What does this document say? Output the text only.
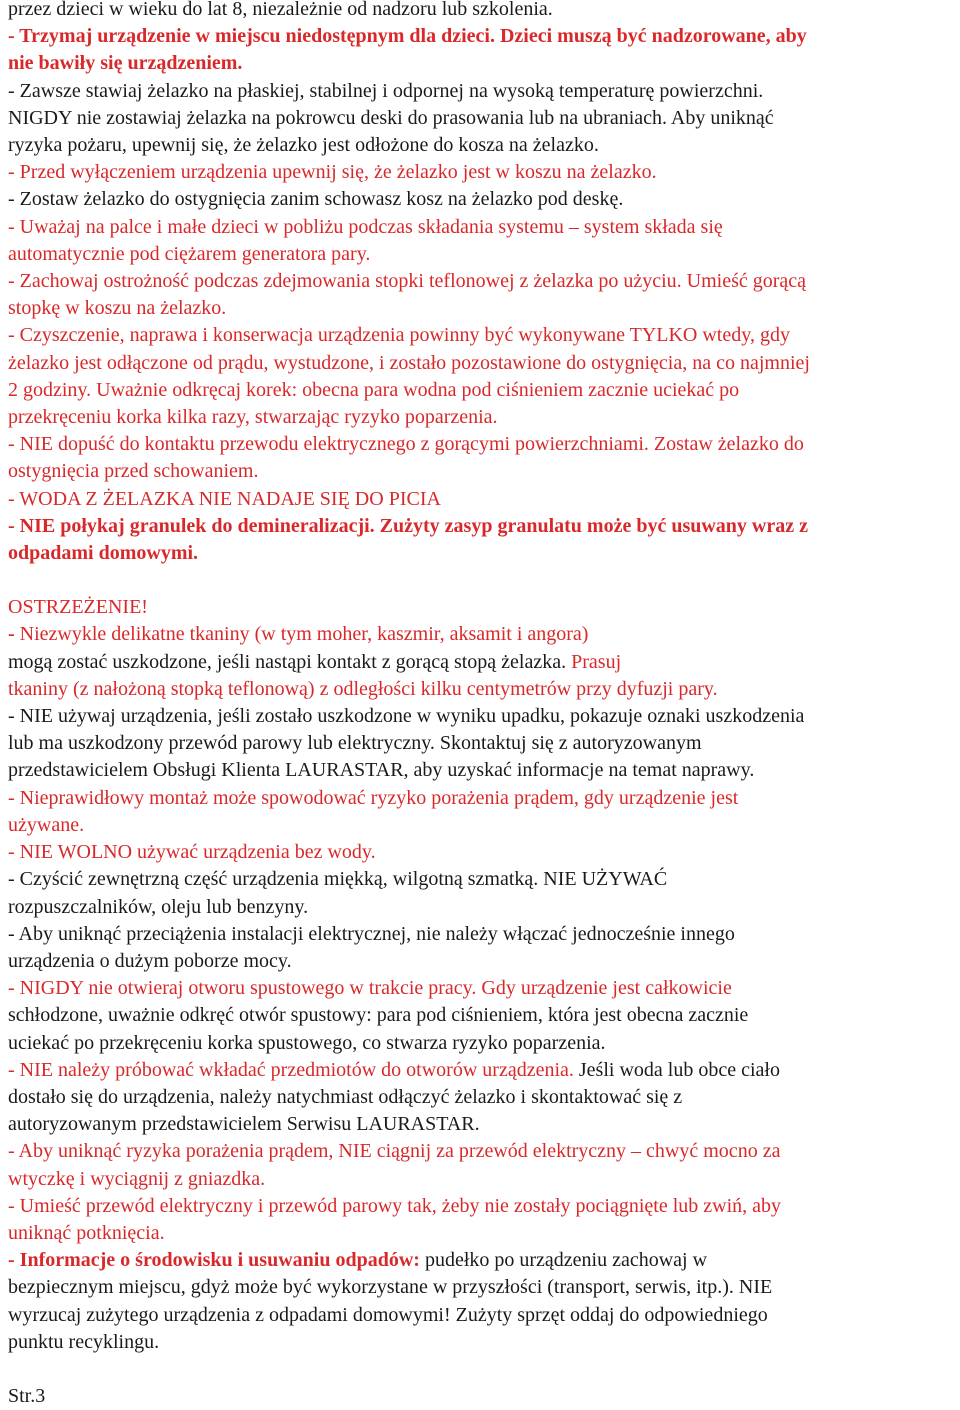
przez dzieci w wieku do lat 8, niezależnie od nadzoru lub szkolenia.

- Trzymaj urządzenie w miejscu niedostępnym dla dzieci. Dzieci muszą być nadzorowane, aby

nie bawiły się urządzeniem.

- Zawsze stawiaj żelazko na płaskiej, stabilnej i odpornej na wysoką temperaturę powierzchni.

NIGDY nie zostawiaj żelazka na pokrowcu deski do prasowania lub na ubraniach. Aby uniknąć

ryzyka pożaru, upewnij się, że żelazko jest odłożone do kosza na żelazko.

- Przed wyłączeniem urządzenia upewnij się, że żelazko jest w koszu na żelazko.

- Zostaw żelazko do ostygnięcia zanim schowasz kosz na żelazko pod deskę.

- Uważaj na palce i małe dzieci w pobliżu podczas składania systemu – system składa się

automatycznie pod ciężarem generatora pary.

- Zachowaj ostrożność podczas zdejmowania stopki teflonowej z żelazka po użyciu. Umieść gorącą

stopkę w koszu na żelazko.

- Czyszczenie, naprawa i konserwacja urządzenia powinny być wykonywane TYLKO wtedy, gdy

żelazko jest odłączone od prądu, wystudzone, i zostało pozostawione do ostygnięcia, na co najmniej

2 godziny. Uważnie odkręcaj korek: obecna para wodna pod ciśnieniem zacznie uciekać po

przekręceniu korka kilka razy, stwarzając ryzyko poparzenia.

- NIE dopuść do kontaktu przewodu elektrycznego z gorącymi powierzchniami. Zostaw żelazko do

ostygnięcia przed schowaniem.

- WODA Z ŻELAZKA NIE NADAJE SIĘ DO PICIA

- NIE połykaj granulek do demineralizacji. Zużyty zasyp granulatu może być usuwany wraz z

odpadami domowymi.

OSTRZEŻENIE!

- Niezwykle delikatne tkaniny (w tym moher, kaszmir, aksamit i angora)

mogą zostać uszkodzone, jeśli nastąpi kontakt z gorącą stopą żelazka. Prasuj

tkaniny (z nałożoną stopką teflonową) z odległości kilku centymetrów przy dyfuzji pary.

- NIE używaj urządzenia, jeśli zostało uszkodzone w wyniku upadku, pokazuje oznaki uszkodzenia

lub ma uszkodzony przewód parowy lub elektryczny. Skontaktuj się z autoryzowanym

przedstawicielem Obsługi Klienta LAURASTAR, aby uzyskać informacje na temat naprawy.

- Nieprawidłowy montaż może spowodować ryzyko porażenia prądem, gdy urządzenie jest

używane.

- NIE WOLNO używać urządzenia bez wody.

- Czyścić zewnętrzną część urządzenia miękką, wilgotną szmatką. NIE UŻYWAĆ

rozpuszczalników, oleju lub benzyny.

- Aby uniknąć przeciążenia instalacji elektrycznej, nie należy włączać jednocześnie innego

urządzenia o dużym poborze mocy.

- NIGDY nie otwieraj otworu spustowego w trakcie pracy. Gdy urządzenie jest całkowicie

schłodzone, uważnie odkręć otwór spustowy: para pod ciśnieniem, która jest obecna zacznie

uciekać po przekręceniu korka spustowego, co stwarza ryzyko poparzenia.

- NIE należy próbować wkładać przedmiotów do otworów urządzenia. Jeśli woda lub obce ciało

dostało się do urządzenia, należy natychmiast odłączyć żelazko i skontaktować się z

autoryzowanym przedstawicielem Serwisu LAURASTAR.

- Aby uniknąć ryzyka porażenia prądem, NIE ciągnij za przewód elektryczny – chwyć mocno za

wtyczkę i wyciągnij z gniazdka.

- Umieść przewód elektryczny i przewód parowy tak, żeby nie zostały pociągnięte lub zwiń, aby

uniknąć potknięcia.

- Informacje o środowisku i usuwaniu odpadów: pudełko po urządzeniu zachowaj w

bezpiecznym miejscu, gdyż może być wykorzystane w przyszłości (transport, serwis, itp.). NIE

wyrzucaj zużytego urządzenia z odpadami domowymi! Zużyty sprzęt oddaj do odpowiedniego

punktu recyklingu.

Str.3
